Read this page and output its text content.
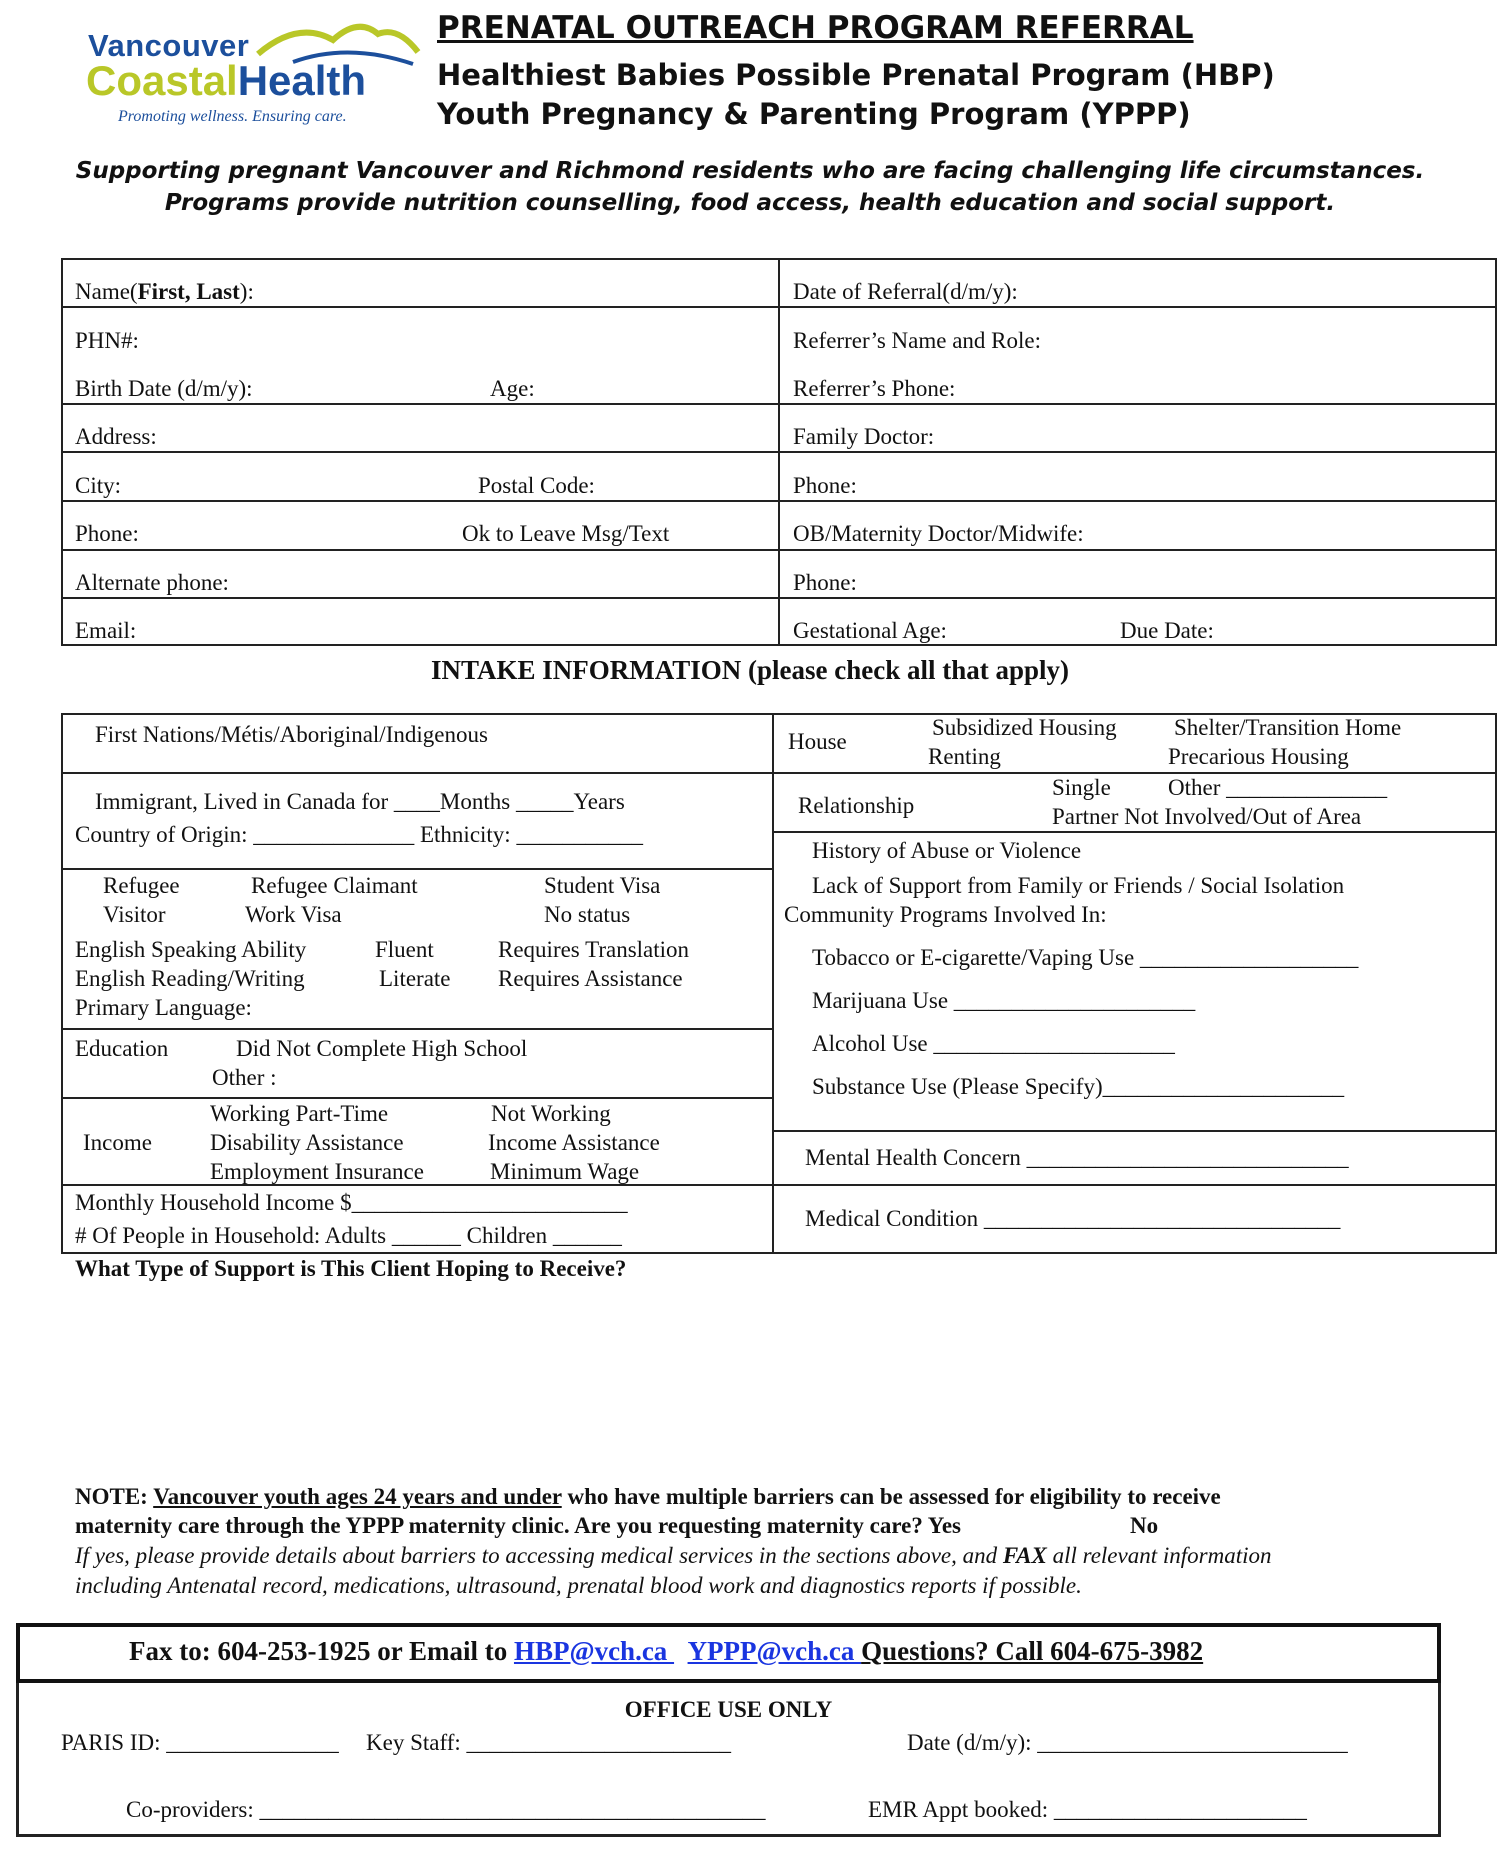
Vancouver
CoastalHealth
Promoting wellness. Ensuring care.
PRENATAL OUTREACH PROGRAM REFERRAL
Healthiest Babies Possible Prenatal Program (HBP)
Youth Pregnancy & Parenting Program (YPPP)
Supporting pregnant Vancouver and Richmond residents who are facing challenging life circumstances.
Programs provide nutrition counselling, food access, health education and social support.
Name(First, Last):
PHN#:
Birth Date (d/m/y):	Age:
Address:
City:	Postal Code:
Phone:	Ok to Leave Msg/Text
Alternate phone:
Email:
Date of Referral(d/m/y):
Referrer’s Name and Role:
Referrer’s Phone:
Family Doctor:
Phone:
OB/Maternity Doctor/Midwife:
Phone:
Gestational Age:	Due Date:
INTAKE INFORMATION (please check all that apply)
First Nations/Métis/Aboriginal/Indigenous
Immigrant, Lived in Canada for ____Months _____Years
Country of Origin: ______________ Ethnicity: ___________
Refugee	Refugee Claimant	Student Visa
Visitor	Work Visa	No status
English Speaking Ability	Fluent	Requires Translation
English Reading/Writing	Literate Requires Assistance
Primary Language:
Education	Did Not Complete High School
Other :
Income
Working Part-Time	Not Working
Disability Assistance	Income Assistance
Employment Insurance	Minimum Wage
Monthly Household Income $________________________
# Of People in Household: Adults ______ Children ______
House
Subsidized Housing Shelter/Transition Home
Renting	Precarious Housing
Relationship
Single Other ______________
Partner Not Involved/Out of Area
History of Abuse or Violence
Lack of Support from Family or Friends / Social Isolation
Community Programs Involved In:
Tobacco or E-cigarette/Vaping Use ___________________
Marijuana Use _____________________
Alcohol Use _____________________
Substance Use (Please Specify)_____________________
Mental Health Concern ____________________________
Medical Condition _______________________________
What Type of Support is This Client Hoping to Receive?
NOTE: Vancouver youth ages 24 years and under who have multiple barriers can be assessed for eligibility to receive
maternity care through the YPPP maternity clinic. Are you requesting maternity care? Yes	No
If yes, please provide details about barriers to accessing medical services in the sections above, and FAX all relevant information
including Antenatal record, medications, ultrasound, prenatal blood work and diagnostics reports if possible.
Fax to: 604-253-1925 or Email to HBP@vch.ca   YPPP@vch.ca Questions? Call 604-675-3982
OFFICE USE ONLY
PARIS ID: _______________ Key Staff: _______________________	Date (d/m/y): ___________________________
Co-providers: ____________________________________________	EMR Appt booked: ______________________
